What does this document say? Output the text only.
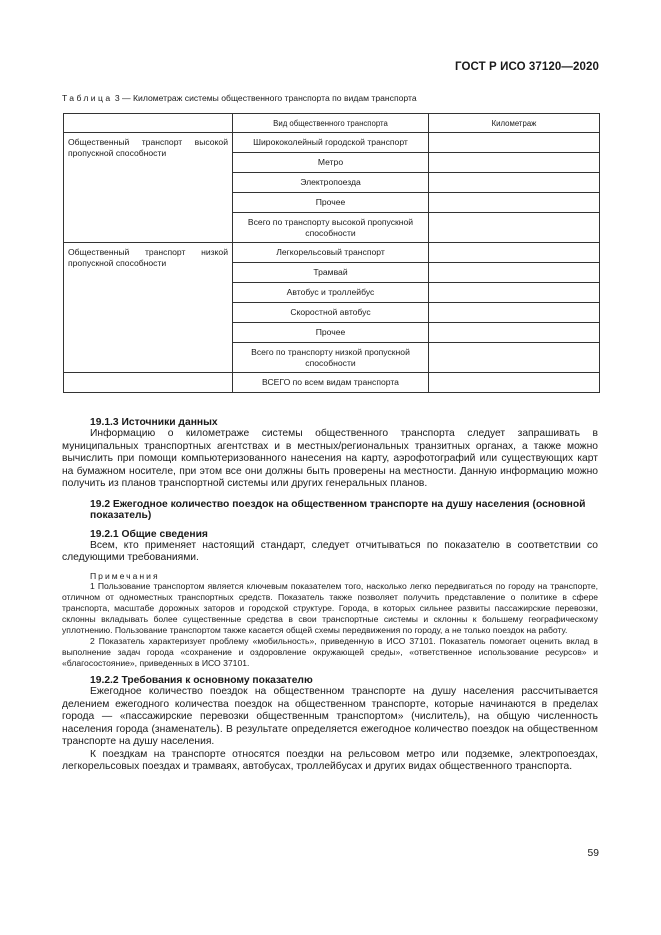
ГОСТ Р ИСО 37120—2020
Таблица 3 — Километраж системы общественного транспорта по видам транспорта
	Вид общественного транспорта	Километраж
Общественный транспорт высокой пропускной способности	Ширококолейный городской транспорт	
	Метро	
	Электропоезда	
	Прочее	
	Всего по транспорту высокой пропускной способности	
Общественный транспорт низкой пропускной способности	Легкорельсовый транспорт	
	Трамвай	
	Автобус и троллейбус	
	Скоростной автобус	
	Прочее	
	Всего по транспорту низкой пропускной способности	
	ВСЕГО по всем видам транспорта	
19.1.3 Источники данных

Информацию о километраже системы общественного транспорта следует запрашивать в муниципальных транспортных агентствах и в местных/региональных транзитных органах, а также можно вычислить при помощи компьютеризованного нанесения на карту, аэрофотографий или существующих карт на бумажном носителе, при этом все они должны быть проверены на местности. Данную информацию можно получить из планов транспортной системы или других генеральных планов.

19.2 Ежегодное количество поездок на общественном транспорте на душу населения (основной показатель)
19.2.1 Общие сведения

Всем, кто применяет настоящий стандарт, следует отчитываться по показателю в соответствии со следующими требованиями.

Примечания

1 Пользование транспортом является ключевым показателем того, насколько легко передвигаться по городу на транспорте, отличном от одноместных транспортных средств. Показатель также позволяет получить представление о политике в сфере транспорта, масштабе дорожных заторов и городской структуре. Города, в которых сильнее развиты пассажирские перевозки, склонны вкладывать более существенные средства в свои транспортные системы и склонны к большему географическому уплотнению. Пользование транспортом также касается общей схемы передвижения по городу, а не только поездок на работу.

2 Показатель характеризует проблему «мобильность», приведенную в ИСО 37101. Показатель помогает оценить вклад в выполнение задач города «сохранение и оздоровление окружающей среды», «ответственное использование ресурсов» и «благосостояние», приведенных в ИСО 37101.

19.2.2 Требования к основному показателю

Ежегодное количество поездок на общественном транспорте на душу населения рассчитывается делением ежегодного количества поездок на общественном транспорте, которые начинаются в пределах города — «пассажирские перевозки общественным транспортом» (числитель), на общую численность населения города (знаменатель). В результате определяется ежегодное количество поездок на общественном транспорте на душу населения.

К поездкам на транспорте относятся поездки на рельсовом метро или подземке, электропоездах, легкорельсовых поездах и трамваях, автобусах, троллейбусах и других видах общественного транспорта.

59
